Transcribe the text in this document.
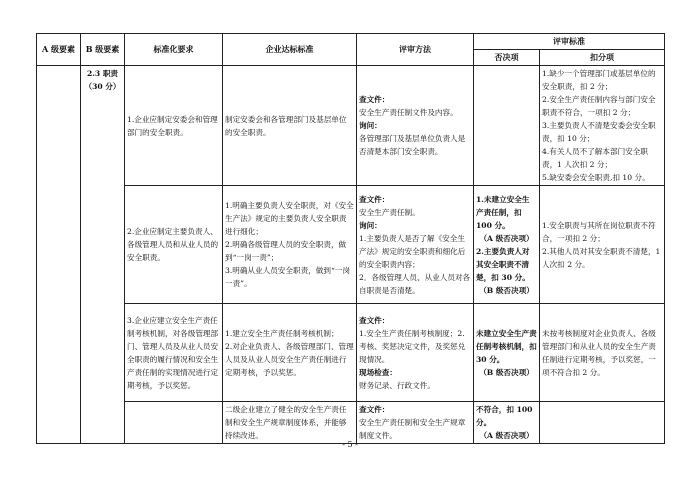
A 级要素	B 级要素	标准化要求	企业达标标准	评审方法	评审标准	
					否决项	扣分项

	2.3 职责
（30 分）	1.企业应制定安委会和管理部门的安全职责。	制定安委会和各管理部门及基层单位的安全职责。	查文件：
安全生产责任制文件及内容。
询问：
各管理部门及基层单位负责人是否清楚本部门安全职责。		1.缺少一个管理部门或基层单位的安全职责，扣 2 分；
2.安全生产责任制内容与部门安全职责不符合，一项扣 2 分；
3.主要负责人不清楚安委会安全职责，扣 10 分；
4.有关人员不了解本部门安全职责，1 人次扣 2 分；
5.缺安委会安全职责,扣 10 分。

		2.企业应制定主要负责人、各级管理人员和从业人员的安全职责。	1.明确主要负责人安全职责，对《安全生产法》规定的主要负责人安全职责进行细化；
2.明确各级管理人员的安全职责，做到“一岗一责”；
3.明确从业人员安全职责，做到“一岗一责”。	查文件：
安全生产责任制。
询问：
1.主要负责人是否了解《安全生产法》规定的安全职责和细化后的安全职责内容；
2．各级管理人员、从业人员对各自职责是否清楚。	1.未建立安全生产责任制，扣 100 分。
（A 级否决项）
2.主要负责人对其安全职责不清楚，扣 30 分。
（B 级否决项）	1.安全职责与其所在岗位职责不符合，一项扣 2 分；
2.其他人员对其安全职责不清楚，1 人次扣 2 分。

		3.企业应建立安全生产责任制考核机制，对各级管理部门、管理人员及从业人员安全职责的履行情况和安全生产责任制的实现情况进行定期考核，予以奖惩。	1.建立安全生产责任制考核机制；
2.对企业负责人、各级管理部门、管理人员及从业人员安全生产责任制进行定期考核，予以奖惩。	查文件：
1.安全生产责任制考核制度；2.考核、奖惩决定文件，及奖惩兑现情况。
现场检查：
财务记录、行政文件。	未建立安全生产责任制考核机制，扣 30 分。
（B 级否决项）	未按考核制度对企业负责人、各级管理部门和从业人员的安全生产责任制进行定期考核，予以奖惩，一项不符合扣 2 分。

			二级企业建立了健全的安全生产责任制和安全生产规章制度体系，并能够持续改进。	查文件：
安全生产责任制和安全生产规章制度文件。	不符合，扣 100 分。
（A 级否决项）	

- 5 -
